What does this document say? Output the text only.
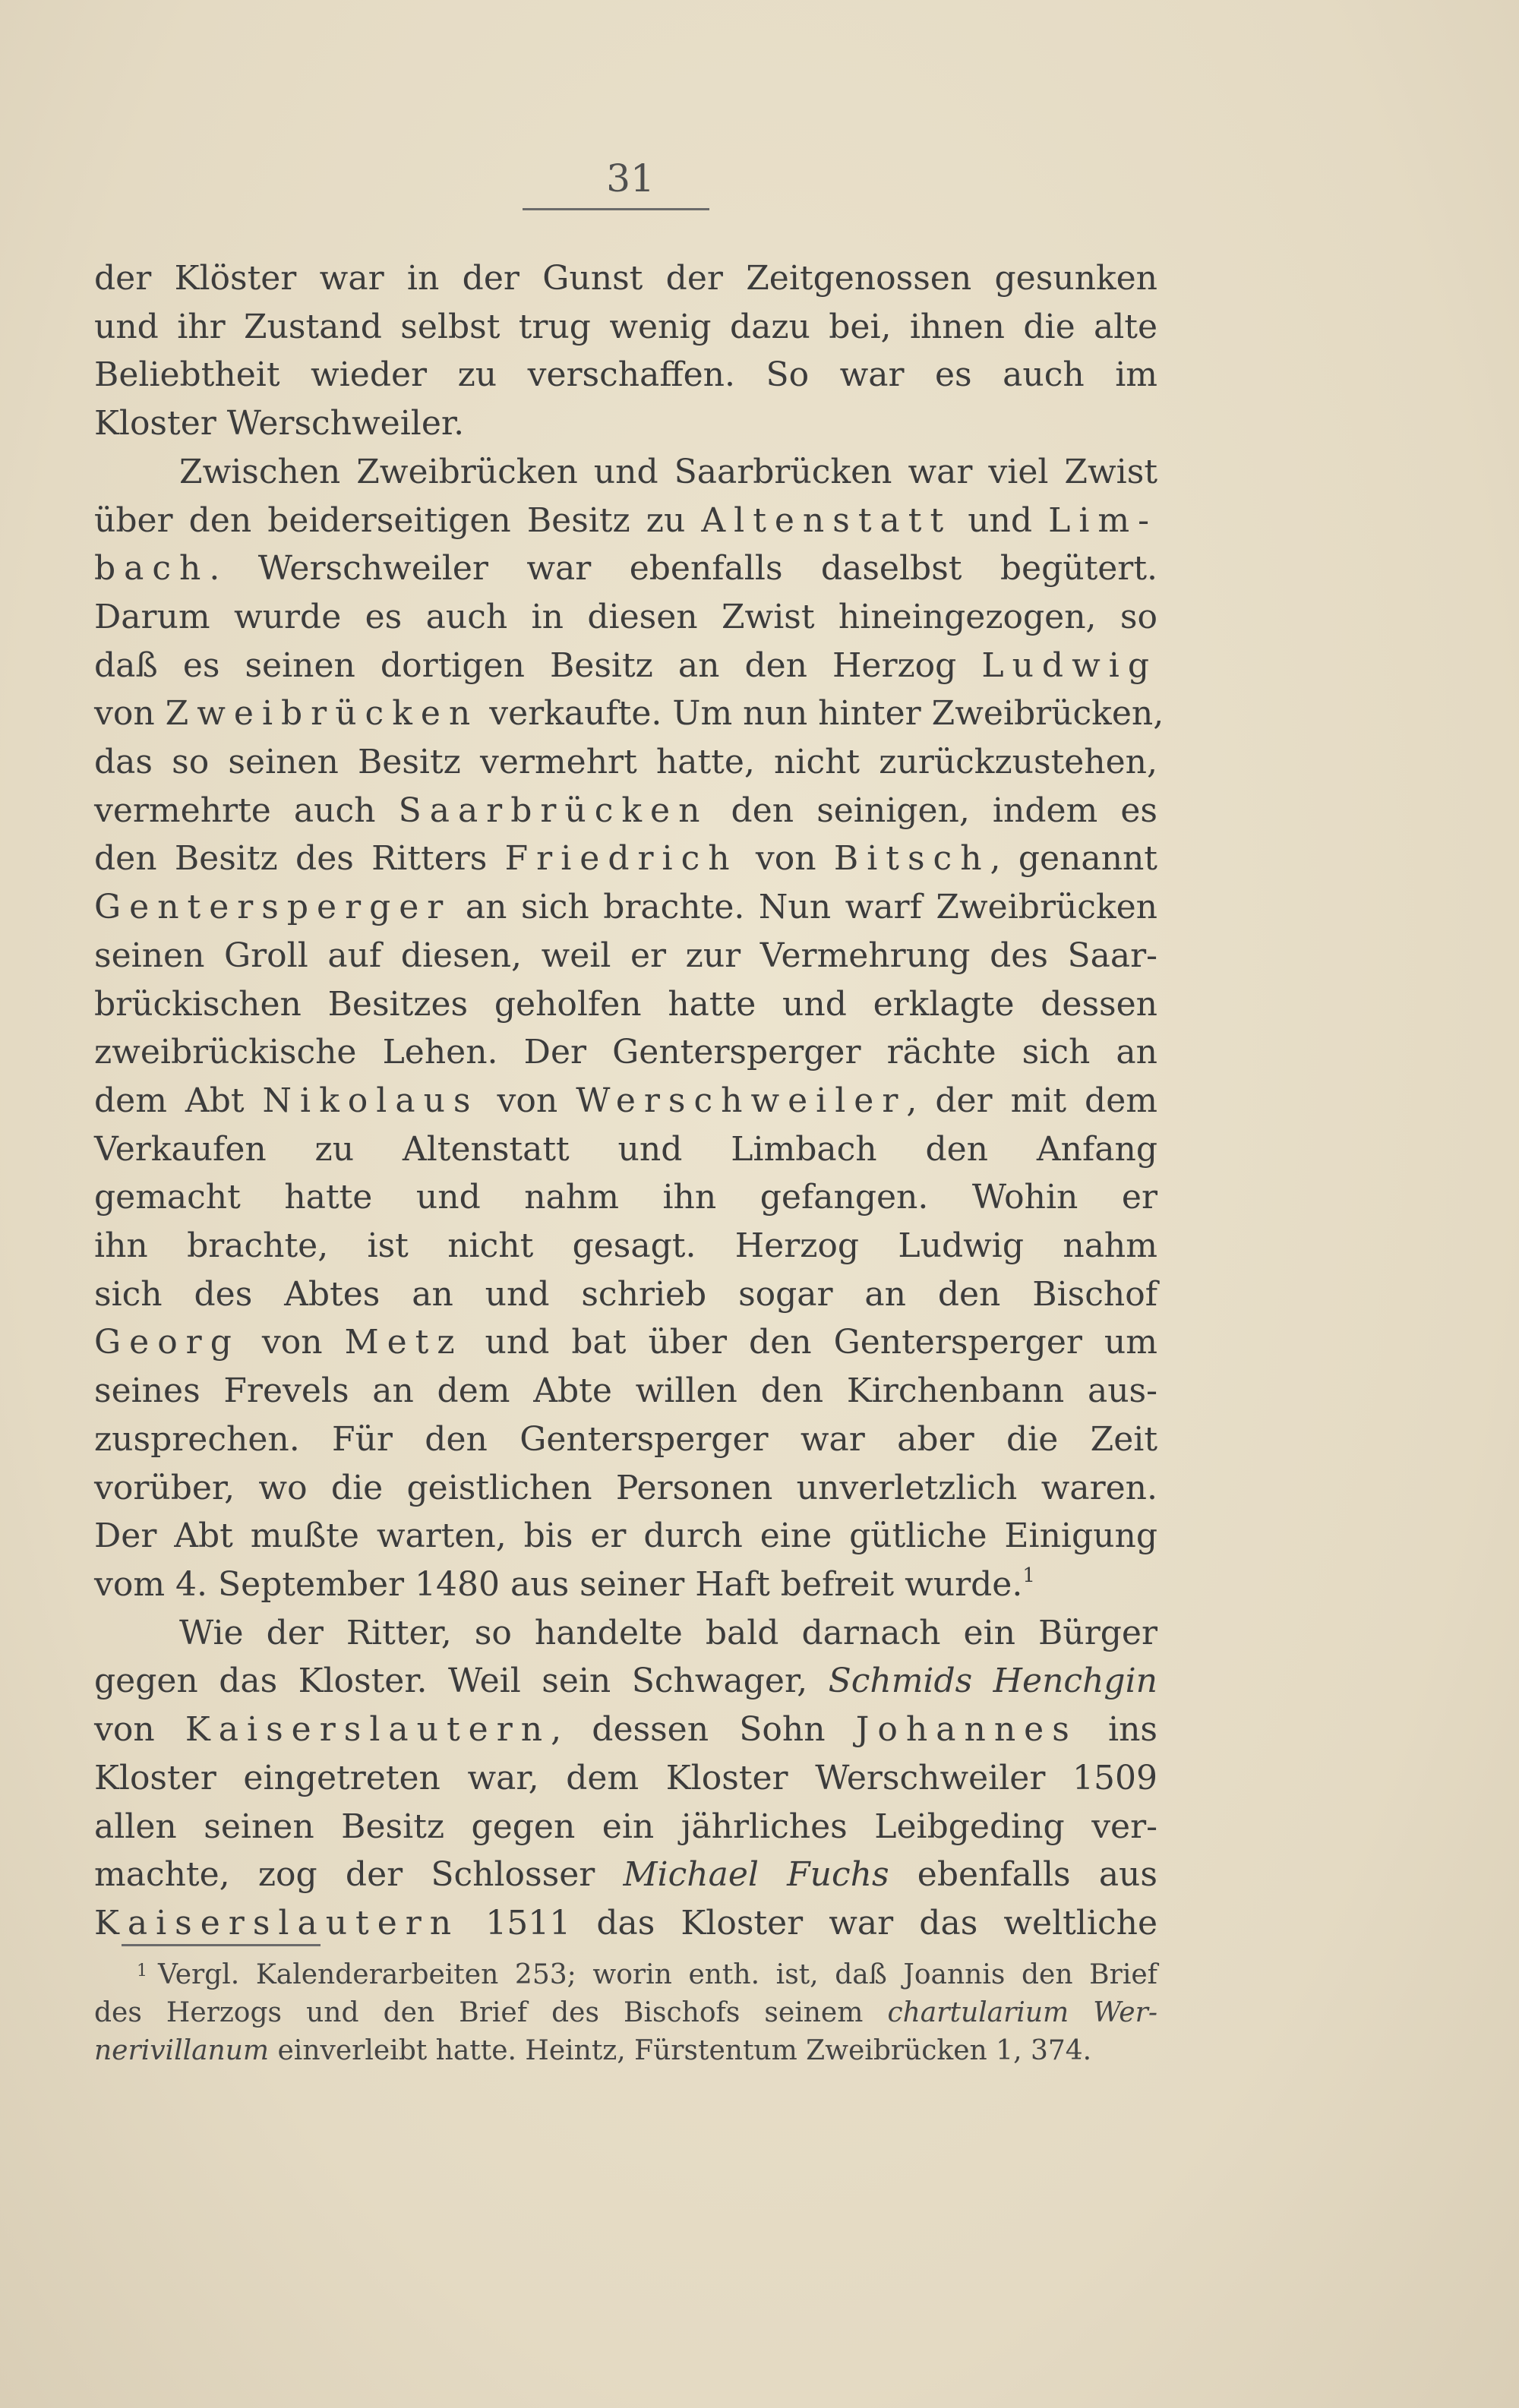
31
der Klöster war in der Gunst der Zeitgenossen gesunken
und ihr Zustand selbst trug wenig dazu bei, ihnen die alte
Beliebtheit wieder zu verschaffen. So war es auch im
Kloster Werschweiler.
Zwischen Zweibrücken und Saarbrücken war viel Zwist
über den beiderseitigen Besitz zu Altenstatt und Lim-
bach. Werschweiler war ebenfalls daselbst begütert.
Darum wurde es auch in diesen Zwist hineingezogen, so
daß es seinen dortigen Besitz an den Herzog Ludwig
von Zweibrücken verkaufte. Um nun hinter Zweibrücken,
das so seinen Besitz vermehrt hatte, nicht zurückzustehen,
vermehrte auch Saarbrücken den seinigen, indem es
den Besitz des Ritters Friedrich von Bitsch, genannt
Gentersperger an sich brachte. Nun warf Zweibrücken
seinen Groll auf diesen, weil er zur Vermehrung des Saar-
brückischen Besitzes geholfen hatte und erklagte dessen
zweibrückische Lehen. Der Gentersperger rächte sich an
dem Abt Nikolaus von Werschweiler, der mit dem
Verkaufen zu Altenstatt und Limbach den Anfang
gemacht hatte und nahm ihn gefangen. Wohin er
ihn brachte, ist nicht gesagt. Herzog Ludwig nahm
sich des Abtes an und schrieb sogar an den Bischof
Georg von Metz und bat über den Gentersperger um
seines Frevels an dem Abte willen den Kirchenbann aus-
zusprechen. Für den Gentersperger war aber die Zeit
vorüber, wo die geistlichen Personen unverletzlich waren.
Der Abt mußte warten, bis er durch eine gütliche Einigung
vom 4. September 1480 aus seiner Haft befreit wurde.$^1$
Wie der Ritter, so handelte bald darnach ein Bürger
gegen das Kloster. Weil sein Schwager, Schmids Henchgin
von Kaiserslautern, dessen Sohn Johannes ins
Kloster eingetreten war, dem Kloster Werschweiler 1509
allen seinen Besitz gegen ein jährliches Leibgeding ver-
machte, zog der Schlosser Michael Fuchs ebenfalls aus
Kaiserslautern 1511 das Kloster war das weltliche
$^1$ Vergl. Kalenderarbeiten 253; worin enth. ist, daß Joannis den Brief
des Herzogs und den Brief des Bischofs seinem chartularium Wer-
nerivillanum einverleibt hatte. Heintz, Fürstentum Zweibrücken 1, 374.
